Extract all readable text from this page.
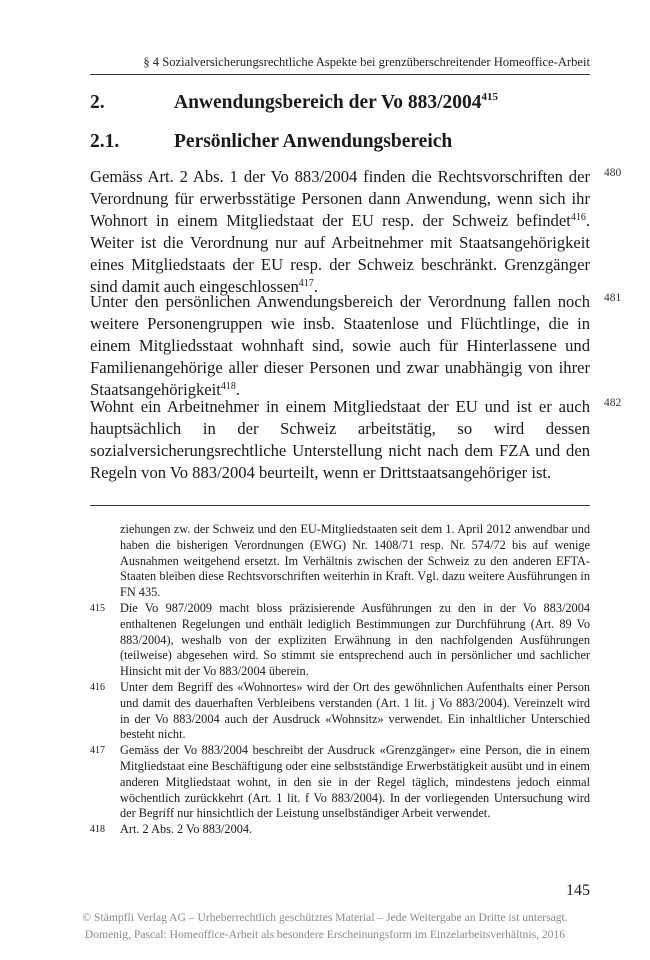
§ 4 Sozialversicherungsrechtliche Aspekte bei grenzüberschreitender Homeoffice-Arbeit
2.	Anwendungsbereich der Vo 883/2004$^{415}$
2.1.	Persönlicher Anwendungsbereich
Gemäss Art. 2 Abs. 1 der Vo 883/2004 finden die Rechtsvorschriften der Verordnung für erwerbsstätige Personen dann Anwendung, wenn sich ihr Wohnort in einem Mitgliedstaat der EU resp. der Schweiz befindet$^{416}$. Weiter ist die Verordnung nur auf Arbeitnehmer mit Staatsangehörigkeit eines Mitgliedstaats der EU resp. der Schweiz beschränkt. Grenzgänger sind damit auch eingeschlossen$^{417}$.
480
Unter den persönlichen Anwendungsbereich der Verordnung fallen noch weitere Personengruppen wie insb. Staatenlose und Flüchtlinge, die in einem Mitgliedsstaat wohnhaft sind, sowie auch für Hinterlassene und Familienangehörige aller dieser Personen und zwar unabhängig von ihrer Staatsangehörigkeit$^{418}$.
481
Wohnt ein Arbeitnehmer in einem Mitgliedstaat der EU und ist er auch hauptsächlich in der Schweiz arbeitstätig, so wird dessen sozialversicherungsrechtliche Unterstellung nicht nach dem FZA und den Regeln von Vo 883/2004 beurteilt, wenn er Drittstaatsangehöriger ist.
482
ziehungen zw. der Schweiz und den EU-Mitgliedstaaten seit dem 1. April 2012 anwendbar und haben die bisherigen Verordnungen (EWG) Nr. 1408/71 resp. Nr. 574/72 bis auf wenige Ausnahmen weitgehend ersetzt. Im Verhältnis zwischen der Schweiz zu den anderen EFTA-Staaten bleiben diese Rechtsvorschriften weiterhin in Kraft. Vgl. dazu weitere Ausführungen in FN 435.
415 Die Vo 987/2009 macht bloss präzisierende Ausführungen zu den in der Vo 883/2004 enthaltenen Regelungen und enthält lediglich Bestimmungen zur Durchführung (Art. 89 Vo 883/2004), weshalb von der expliziten Erwähnung in den nachfolgenden Ausführungen (teilweise) abgesehen wird. So stimmt sie entsprechend auch in persönlicher und sachlicher Hinsicht mit der Vo 883/2004 überein.
416 Unter dem Begriff des «Wohnortes» wird der Ort des gewöhnlichen Aufenthalts einer Person und damit des dauerhaften Verbleibens verstanden (Art. 1 lit. j Vo 883/2004). Vereinzelt wird in der Vo 883/2004 auch der Ausdruck «Wohnsitz» verwendet. Ein inhaltlicher Unterschied besteht nicht.
417 Gemäss der Vo 883/2004 beschreibt der Ausdruck «Grenzgänger» eine Person, die in einem Mitgliedstaat eine Beschäftigung oder eine selbstständige Erwerbstätigkeit ausübt und in einem anderen Mitgliedstaat wohnt, in den sie in der Regel täglich, mindestens jedoch einmal wöchentlich zurückkehrt (Art. 1 lit. f Vo 883/2004). In der vorliegenden Untersuchung wird der Begriff nur hinsichtlich der Leistung unselbständiger Arbeit verwendet.
418 Art. 2 Abs. 2 Vo 883/2004.
145
© Stämpfli Verlag AG – Urheberrechtlich geschütztes Material – Jede Weitergabe an Dritte ist untersagt.
Domenig, Pascal: Homeoffice-Arbeit als besondere Erscheinungsform im Einzelarbeitsverhältnis, 2016
